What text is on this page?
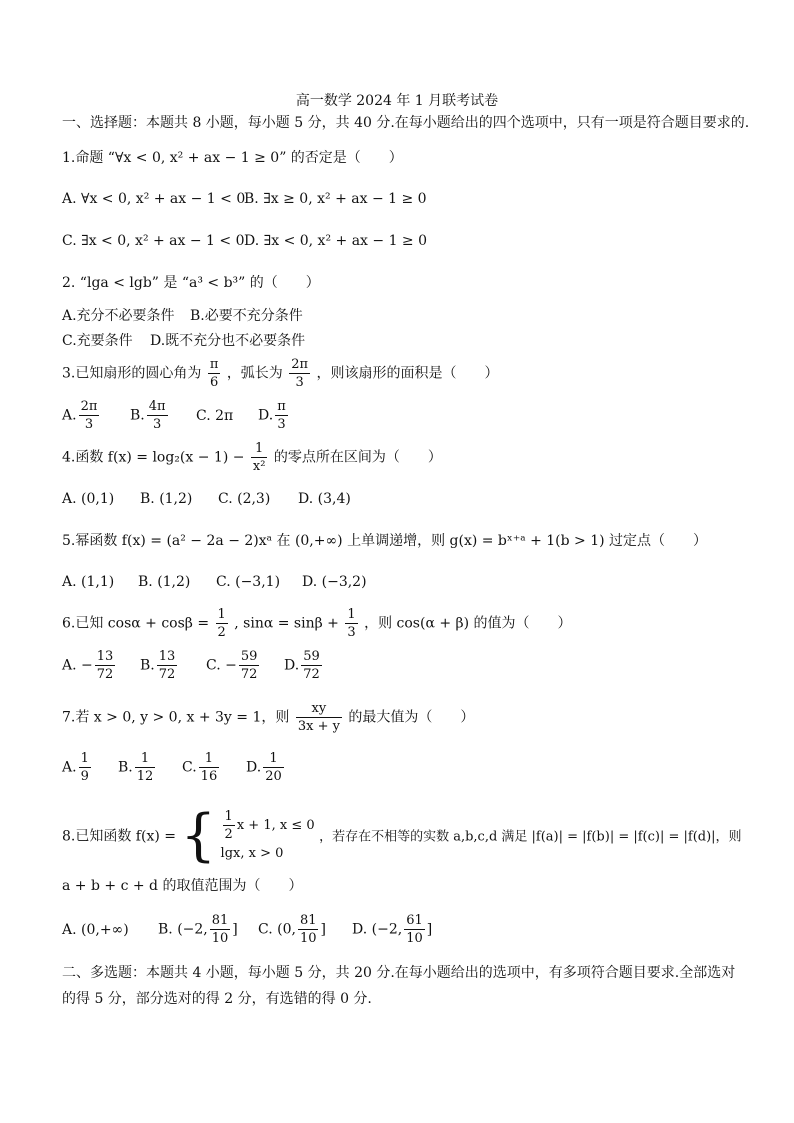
高一数学 2024 年 1 月联考试卷
一、选择题：本题共 8 小题，每小题 5 分，共 40 分.在每小题给出的四个选项中，只有一项是符合题目要求的.
1.命题 “∀x < 0, x² + ax − 1 ≥ 0” 的否定是（　　）
A. ∀x < 0, x² + ax − 1 < 0
B. ∃x ≥ 0, x² + ax − 1 ≥ 0
C. ∃x < 0, x² + ax − 1 < 0 D. ∃x < 0, x² + ax − 1 ≥ 0
2. “lga < lgb” 是 “a³ < b³” 的（　　）
A.充分不必要条件 B.必要不充分条件
C.充要条件 D.既不充分也不必要条件
3.已知扇形的圆心角为 $\frac{\pi}{6}$ ，弧长为 $\frac{2\pi}{3}$ ，则该扇形的面积是（　　）
A. $\frac{2\pi}{3} B$. $\frac{4\pi}{3} C$. 2π D. $\frac{\pi}{3}$
4.函数 $f(x) = \log_2(x - 1) - \frac{1}{\text{x²}}$ 的零点所在区间为（　　）
A. (0,1) B. (1,2) C. (2,3) D. (3,4)
5.幂函数 f(x) = (a² − 2a − 2)xᵃ 在 (0,+∞) 上单调递增，则 g(x) = bˣ⁺ᵃ + 1(b > 1) 过定点（　　）
A. (1,1) B. (1,2) C. (−3,1) D. (−3,2)
6.已知 $\cos\alpha + \cos\beta = \frac{1}{2}$ , $\sin\alpha = \sin\beta + \frac{1}{3}$ ，则 cos(α + β) 的值为（　　）
A. − $\frac{13}{72} B$. $\frac{13}{72} C$. − $\frac{59}{72} D$. $\frac{59}{72}$
7.若 x > 0, y > 0, x + 3y = 1，则 $\frac{xy}{3x + y}$ 的最大值为（　　）
A. $\frac{1}{9} B$. $\frac{1}{12} C$. $\frac{1}{16} D$. $\frac{1}{20}$
8.已知函数 f(x) = { $\frac{1}{2}$ x + 1, x ≤ 0
lgx, x > 0
，若存在不相等的实数 a,b,c,d 满足 |f(a)| = |f(b)| = |f(c)| = |f(d)|，则
a + b + c + d 的取值范围为（　　）
A. (0,+∞) B. (−2, $\frac{81}{10}$ ] C. (0, $\frac{81}{10}$ ] D. (−2, $\frac{61}{10}$ ]
二、多选题：本题共 4 小题，每小题 5 分，共 20 分.在每小题给出的选项中，有多项符合题目要求.全部选对的得 5 分，部分选对的得 2 分，有选错的得 0 分.
